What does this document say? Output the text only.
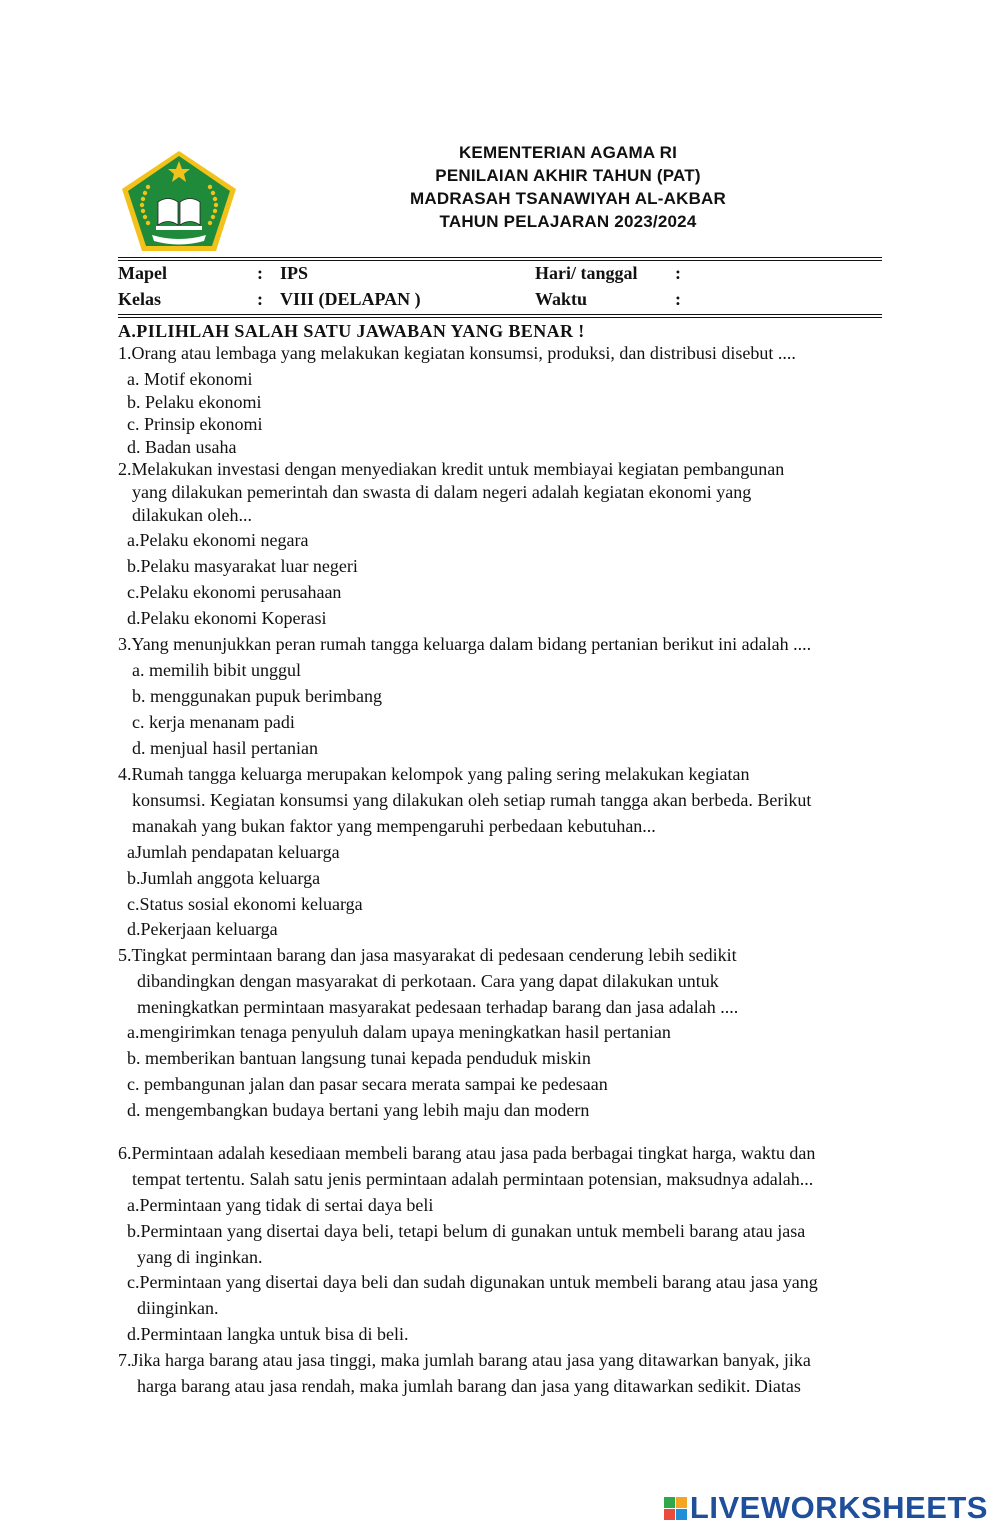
KEMENTERIAN AGAMA RI
PENILAIAN AKHIR TAHUN (PAT)
MADRASAH TSANAWIYAH AL-AKBAR
TAHUN PELAJARAN 2023/2024
Mapel	: IPS	Hari/ tanggal :
Kelas	: VIII (DELAPAN )	Waktu	:
A.PILIHLAH SALAH SATU JAWABAN YANG BENAR !
1.Orang atau lembaga yang melakukan kegiatan konsumsi, produksi, dan distribusi disebut ....
a. Motif ekonomi
b. Pelaku ekonomi
c. Prinsip ekonomi
d. Badan usaha
2.Melakukan investasi dengan menyediakan kredit untuk membiayai kegiatan pembangunan
yang dilakukan pemerintah dan swasta di dalam negeri adalah kegiatan ekonomi yang
dilakukan oleh...
a.Pelaku ekonomi negara
b.Pelaku masyarakat luar negeri
c.Pelaku ekonomi perusahaan
d.Pelaku ekonomi Koperasi
3.Yang menunjukkan peran rumah tangga keluarga dalam bidang pertanian berikut ini adalah ....
a. memilih bibit unggul
b. menggunakan pupuk berimbang
c. kerja menanam padi
d. menjual hasil pertanian
4.Rumah tangga keluarga merupakan kelompok yang paling sering melakukan kegiatan
konsumsi. Kegiatan konsumsi yang dilakukan oleh setiap rumah tangga akan berbeda. Berikut
manakah yang bukan faktor yang mempengaruhi perbedaan kebutuhan...
aJumlah pendapatan keluarga
b.Jumlah anggota keluarga
c.Status sosial ekonomi keluarga
d.Pekerjaan keluarga
5.Tingkat permintaan barang dan jasa masyarakat di pedesaan cenderung lebih sedikit
dibandingkan dengan masyarakat di perkotaan. Cara yang dapat dilakukan untuk
meningkatkan permintaan masyarakat pedesaan terhadap barang dan jasa adalah ....
a.mengirimkan tenaga penyuluh dalam upaya meningkatkan hasil pertanian
b. memberikan bantuan langsung tunai kepada penduduk miskin
c. pembangunan jalan dan pasar secara merata sampai ke pedesaan
d. mengembangkan budaya bertani yang lebih maju dan modern
6.Permintaan adalah kesediaan membeli barang atau jasa pada berbagai tingkat harga, waktu dan
tempat tertentu. Salah satu jenis permintaan adalah permintaan potensian, maksudnya adalah...
a.Permintaan yang tidak di sertai daya beli
b.Permintaan yang disertai daya beli, tetapi belum di gunakan untuk membeli barang atau jasa
yang di inginkan.
c.Permintaan yang disertai daya beli dan sudah digunakan untuk membeli barang atau jasa yang
diinginkan.
d.Permintaan langka untuk bisa di beli.
7.Jika harga barang atau jasa tinggi, maka jumlah barang atau jasa yang ditawarkan banyak, jika
harga barang atau jasa rendah, maka jumlah barang dan jasa yang ditawarkan sedikit. Diatas
LIVEWORKSHEETS
